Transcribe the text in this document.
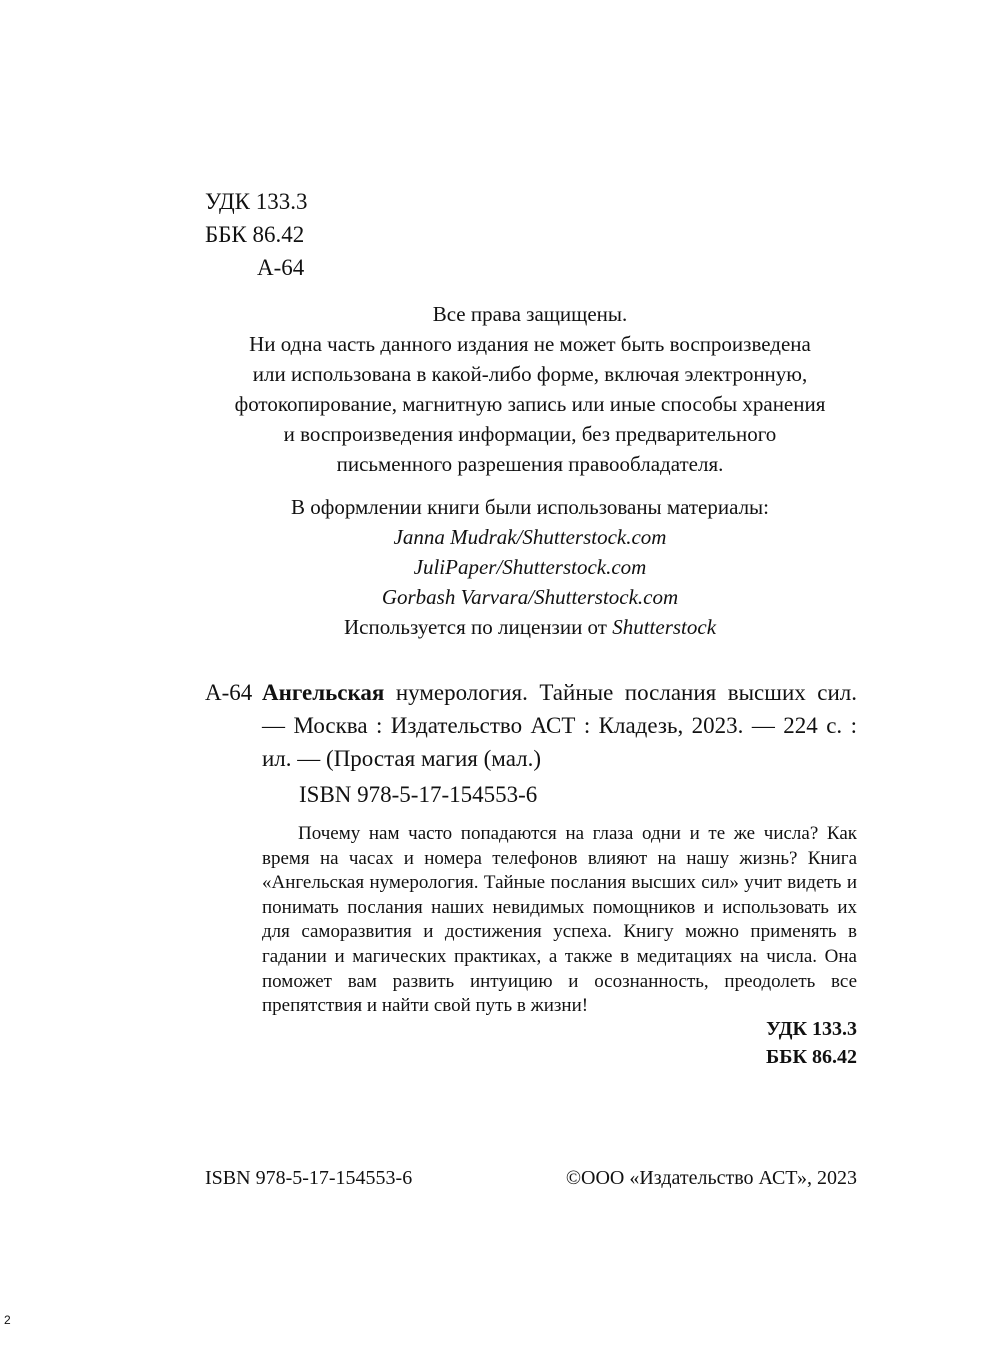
УДК 133.3
ББК 86.42
А-64
Все права защищены.
Ни одна часть данного издания не может быть воспроизведена
или использована в какой-либо форме, включая электронную,
фотокопирование, магнитную запись или иные способы хранения
и воспроизведения информации, без предварительного
письменного разрешения правообладателя.
В оформлении книги были использованы материалы:
Janna Mudrak/Shutterstock.com
JuliPaper/Shutterstock.com
Gorbash Varvara/Shutterstock.com
Используется по лицензии от Shutterstock
А-64 Ангельская нумерология. Тайные послания высших сил. — Москва : Издательство АСТ : Кладезь, 2023. — 224 с. : ил. — (Простая магия (мал.)
ISBN 978-5-17-154553-6
Почему нам часто попадаются на глаза одни и те же числа? Как время на часах и номера телефонов влияют на нашу жизнь? Книга «Ангельская нумерология. Тайные послания высших сил» учит видеть и понимать послания наших невидимых помощников и использовать их для саморазвития и достижения успеха. Книгу можно применять в гадании и магических практиках, а также в медитациях на числа. Она поможет вам развить интуицию и осознанность, преодолеть все препятствия и найти свой путь в жизни!
УДК 133.3
ББК 86.42
ISBN 978-5-17-154553-6	©ООО «Издательство АСТ», 2023
2
